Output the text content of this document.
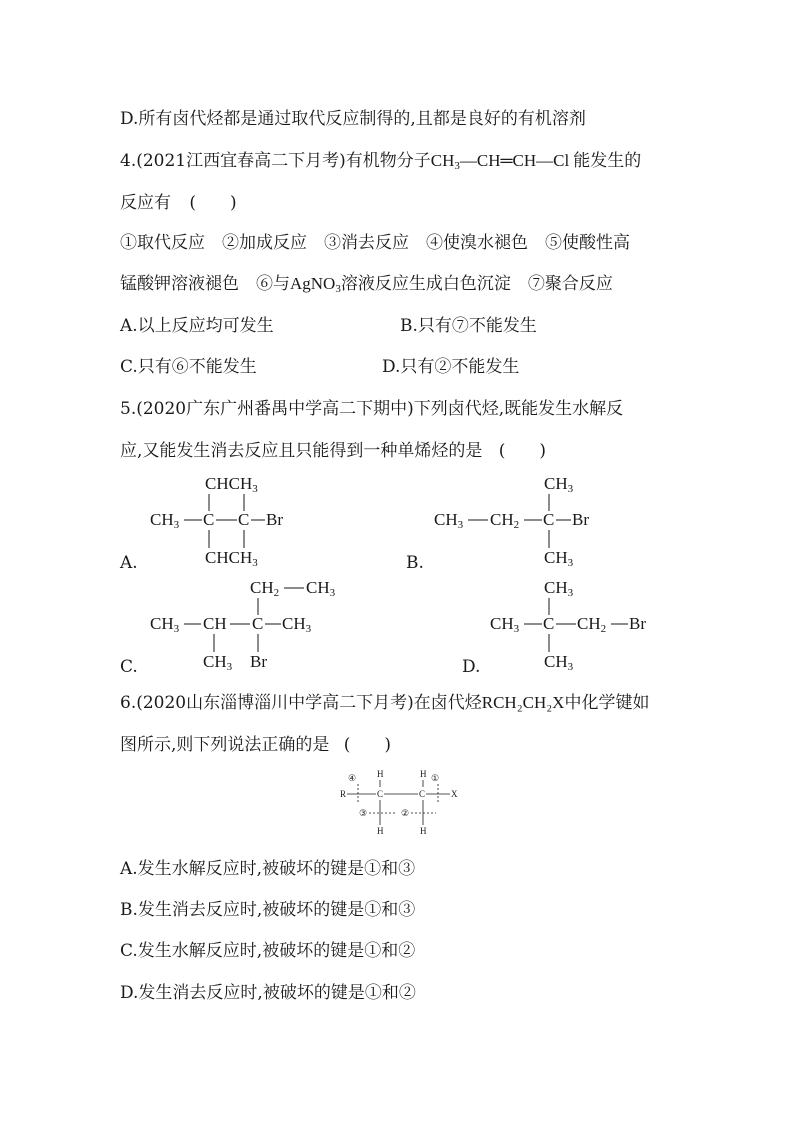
D.所有卤代烃都是通过取代反应制得的,且都是良好的有机溶剂
4.(2021江西宜春高二下月考)有机物分子$CH_3—CH═CH—Cl$ 能发生的
反应有 (　　)
①取代反应　②加成反应　③消去反应　④使溴水褪色　⑤使酸性高
锰酸钾溶液褪色　⑥与AgNO$_3$溶液反应生成白色沉淀　⑦聚合反应
A.以上反应均可发生	B.只有⑦不能发生
C.只有⑥不能发生	D.只有②不能发生
5.(2020广东广州番禺中学高二下期中)下列卤代烃,既能发生水解反
应,又能发生消去反应且只能得到一种单烯烃的是 (　　)
$CHCH_3$
$CH_3$ C C Br
$CHCH_3$
A.
$CH_3$
$CH_3$ $CH_2$ C Br
$CH_3$
B.
$CH_2$ $CH_3$
$CH_3$ CH C $CH_3$
$CH_3$ Br
C.
$CH_3$
$CH_3$ C $CH_2$ Br
$CH_3$
D.
6.(2020山东淄博淄川中学高二下月考)在卤代烃RCH₂CH₂X中化学键如
图所示,则下列说法正确的是 (　　)
R	C	C	X
H	H
H	H
④	①
③	②
A.发生水解反应时,被破坏的键是①和③
B.发生消去反应时,被破坏的键是①和③
C.发生水解反应时,被破坏的键是①和②
D.发生消去反应时,被破坏的键是①和②
